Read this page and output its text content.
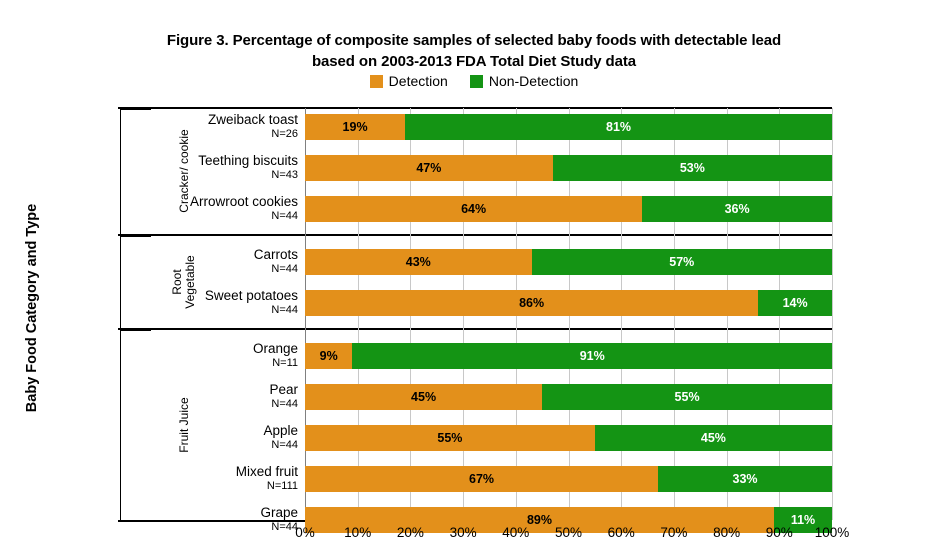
Figure 3. Percentage of composite samples of selected baby foods with detectable lead
based on 2003-2013 FDA Total Diet Study data
Detection	Non-Detection
Baby Food Category and Type
Cracker/ cookie
Root Vegetable
Fruit Juice
Zweiback toast
N=26
Teething biscuits
N=43
Arrowroot cookies
N=44
Carrots
N=44
Sweet potatoes
N=44
Orange
N=11
Pear
N=44
Apple
N=44
Mixed fruit
N=111
Grape
N=44
19%	81%
47%	53%
64%	36%
43%	57%
86%	14%
9%	91%
45%	55%
55%	45%
67%	33%
89%	11%
0%	10%	20%	30%	40%	50%	60%	70%	80%	90%	100%
